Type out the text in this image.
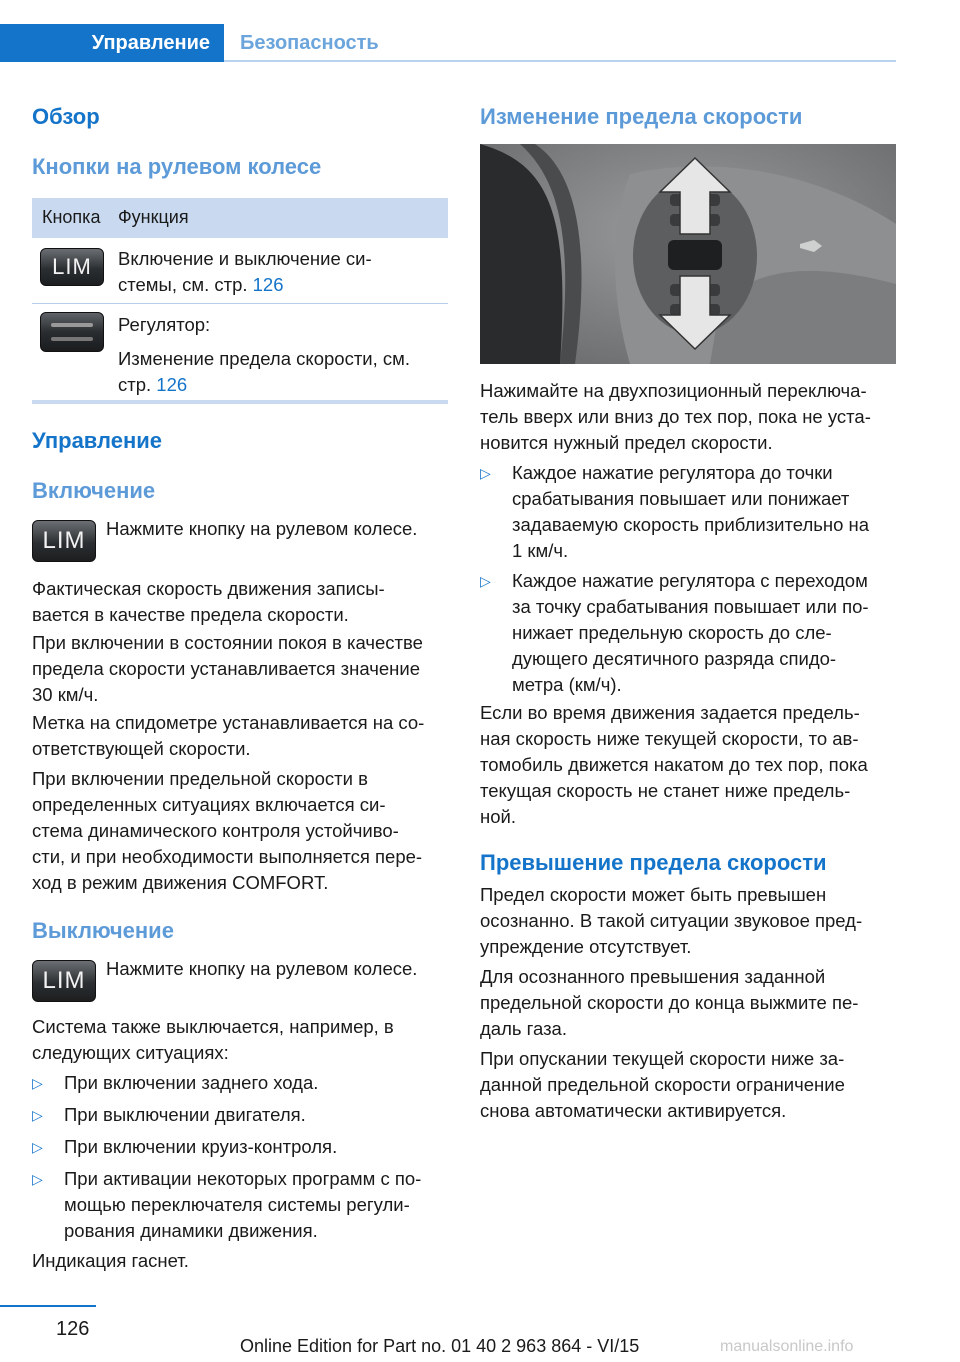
Управление	Безопасность
Обзор
Кнопки на рулевом колесе
Кнопка Функция
LIM	Включение и выключение си-
стемы, см. стр. 126
Регулятор:
Изменение предела скорости, см.
стр. 126
Управление
Включение
LIM	Нажмите кнопку на рулевом колесе.
Фактическая скорость движения записы-
вается в качестве предела скорости.
При включении в состоянии покоя в качестве
предела скорости устанавливается значение
30 км/ч.
Метка на спидометре устанавливается на со-
ответствующей скорости.
При включении предельной скорости в
определенных ситуациях включается си-
стема динамического контроля устойчиво-
сти, и при необходимости выполняется пере-
ход в режим движения COMFORT.
Выключение
LIM	Нажмите кнопку на рулевом колесе.
Система также выключается, например, в
следующих ситуациях:
▷ При включении заднего хода.
▷ При выключении двигателя.
▷ При включении круиз-контроля.
▷ При активации некоторых программ с по-
мощью переключателя системы регули-
рования динамики движения.
Индикация гаснет.
Изменение предела скорости
Нажимайте на двухпозиционный переключа-
тель вверх или вниз до тех пор, пока не уста-
новится нужный предел скорости.
▷ Каждое нажатие регулятора до точки
срабатывания повышает или понижает
задаваемую скорость приблизительно на
1 км/ч.
▷ Каждое нажатие регулятора с переходом
за точку срабатывания повышает или по-
нижает предельную скорость до сле-
дующего десятичного разряда спидо-
метра (км/ч).
Если во время движения задается предель-
ная скорость ниже текущей скорости, то ав-
томобиль движется накатом до тех пор, пока
текущая скорость не станет ниже предель-
ной.
Превышение предела скорости
Предел скорости может быть превышен
осознанно. В такой ситуации звуковое пред-
упреждение отсутствует.
Для осознанного превышения заданной
предельной скорости до конца выжмите пе-
даль газа.
При опускании текущей скорости ниже за-
данной предельной скорости ограничение
снова автоматически активируется.
126
Online Edition for Part no. 01 40 2 963 864 - VI/15	manualsonline.info
